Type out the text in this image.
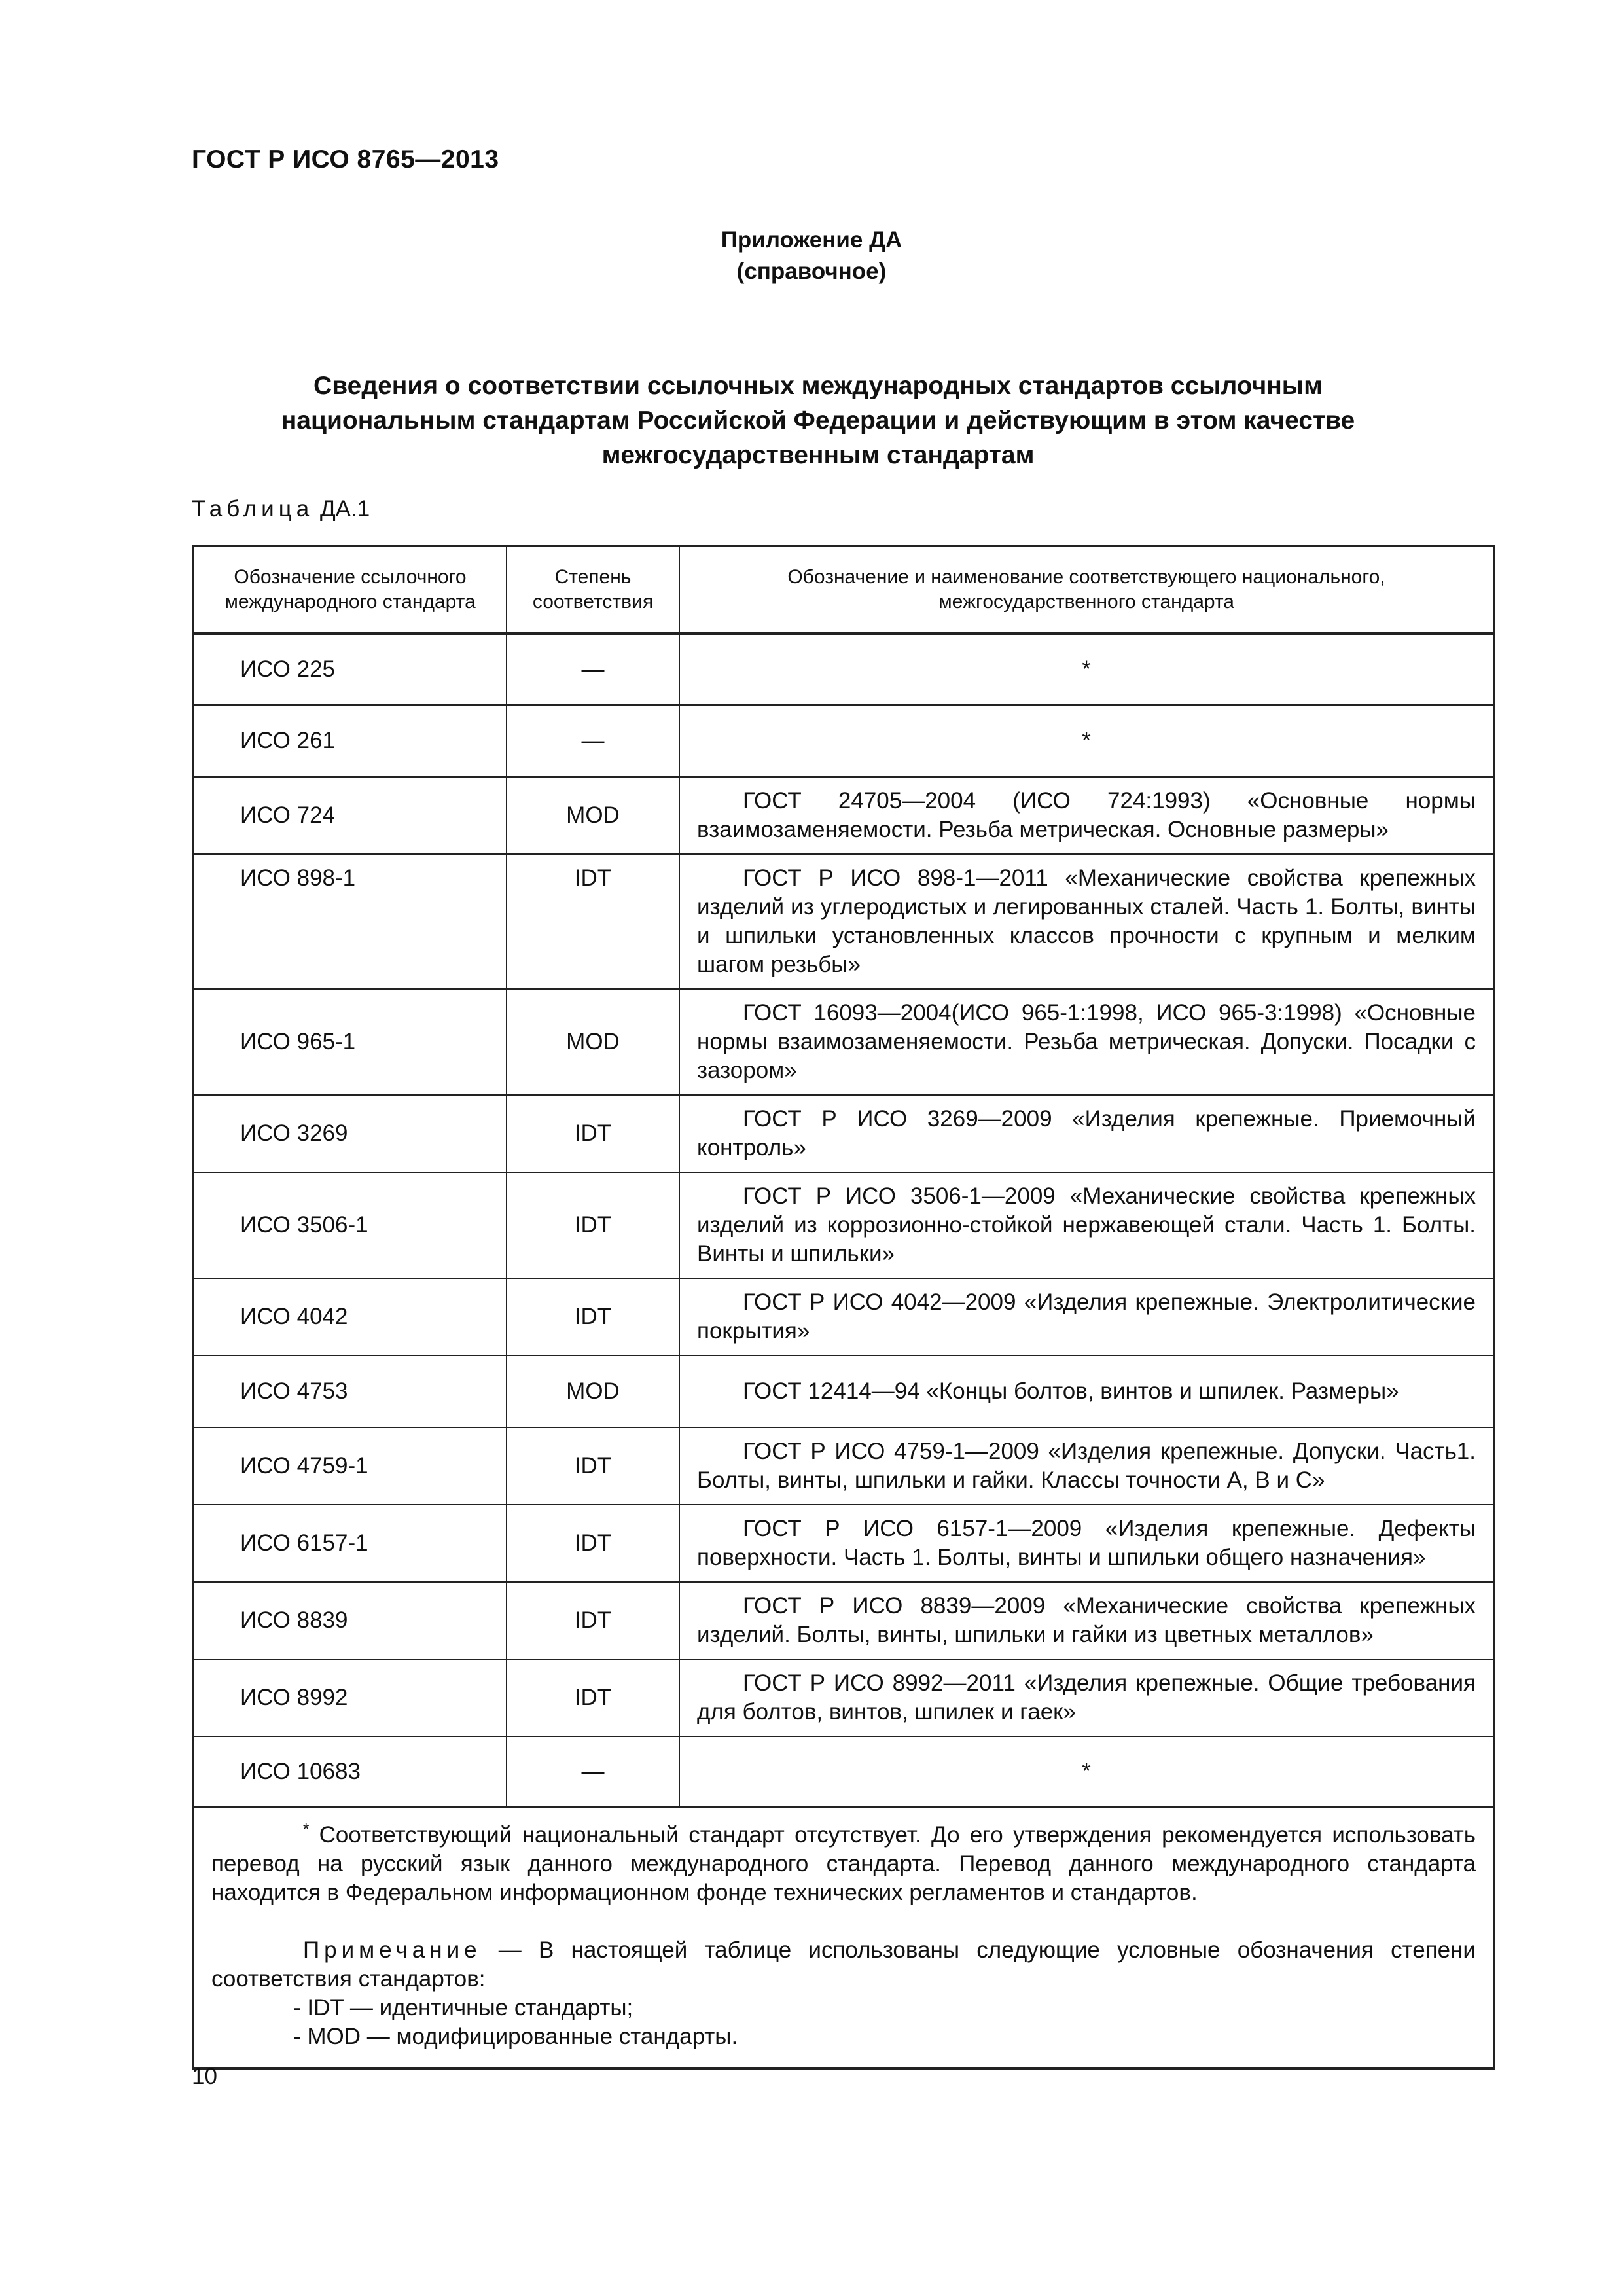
ГОСТ Р ИСО 8765—2013
Приложение ДА
(справочное)
Сведения о соответствии ссылочных международных стандартов ссылочным
национальным стандартам Российской Федерации и действующим в этом качестве
межгосударственным стандартам
Таблица ДА.1
Обозначение ссылочного международного стандарта	Степень соответствия	Обозначение и наименование соответствующего национального, межгосударственного стандарта
ИСО 225	—	*
ИСО 261	—	*
ИСО 724	MOD	ГОСТ 24705—2004 (ИСО 724:1993) «Основные нормы взаимозаменяемости. Резьба метрическая. Основные размеры»
ИСО 898-1	IDT	ГОСТ Р ИСО 898-1—2011 «Механические свойства крепежных изделий из углеродистых и легированных сталей. Часть 1. Болты, винты и шпильки установленных классов прочности с крупным и мелким шагом резьбы»
ИСО 965-1	MOD	ГОСТ 16093—2004(ИСО 965-1:1998, ИСО 965-3:1998) «Основные нормы взаимозаменяемости. Резьба метрическая. Допуски. Посадки с зазором»
ИСО 3269	IDT	ГОСТ Р ИСО 3269—2009 «Изделия крепежные. Приемочный контроль»
ИСО 3506-1	IDT	ГОСТ Р ИСО 3506-1—2009 «Механические свойства крепежных изделий из коррозионно-стойкой нержавеющей стали. Часть 1. Болты. Винты и шпильки»
ИСО 4042	IDT	ГОСТ Р ИСО 4042—2009 «Изделия крепежные. Электролитические покрытия»
ИСО 4753	MOD	ГОСТ 12414—94 «Концы болтов, винтов и шпилек. Размеры»
ИСО 4759-1	IDT	ГОСТ Р ИСО 4759-1—2009 «Изделия крепежные. Допуски. Часть1. Болты, винты, шпильки и гайки. Классы точности А, В и С»
ИСО 6157-1	IDT	ГОСТ Р ИСО 6157-1—2009 «Изделия крепежные. Дефекты поверхности. Часть 1. Болты, винты и шпильки общего назначения»
ИСО 8839	IDT	ГОСТ Р ИСО 8839—2009 «Механические свойства крепежных изделий. Болты, винты, шпильки и гайки из цветных металлов»
ИСО 8992	IDT	ГОСТ Р ИСО 8992—2011 «Изделия крепежные. Общие требования для болтов, винтов, шпилек и гаек»
ИСО 10683	—	*

* Соответствующий национальный стандарт отсутствует. До его утверждения рекомендуется использовать перевод на русский язык данного международного стандарта. Перевод данного международного стандарта находится в Федеральном информационном фонде технических регламентов и стандартов.
Примечание — В настоящей таблице использованы следующие условные обозначения степени соответствия стандартов:
- IDT — идентичные стандарты;
- MOD — модифицированные стандарты.		
10
